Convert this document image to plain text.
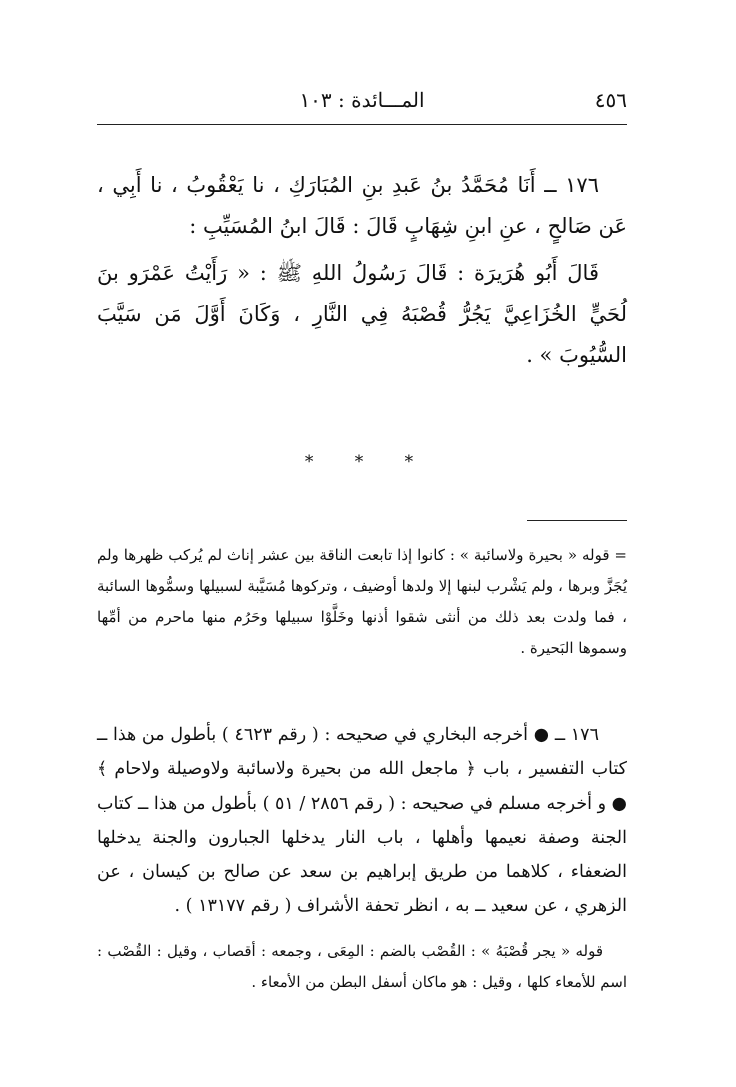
٤٥٦
المـــائدة : ١٠٣

١٧٦ ــ أَنَا مُحَمَّدُ بنُ عَبدِ بنِ المُبَارَكِ ، نا يَعْقُوبُ ، نا أَبِي ، عَن صَالحٍ ، عنِ ابنِ شِهَابٍ قَالَ : قَالَ ابنُ المُسَيِّبِ :

قَالَ أَبُو هُرَيرَة : قَالَ رَسُولُ اللهِ ﷺ : « رَأَيْتُ عَمْرَو بنَ لُحَيٍّ الخُزَاعِيَّ يَجُرُّ قُصْبَهُ فِي النَّارِ ، وَكَانَ أَوَّلَ مَن سَيَّبَ السُّيُوبَ » .

* * *
= قوله « بحيرة ولاسائبة » : كانوا إذا تابعت الناقة بين عشر إناث لم يُركب ظهرها ولم يُجَزَّ وبرها ، ولم يَشْرب لبنها إلا ولدها أوضيف ، وتركوها مُسَيَّبة لسبيلها وسمُّوها السائبة ، فما ولدت بعد ذلك من أنثى شقوا أذنها وخَلَّوْا سبيلها وحَرُم منها ماحرم من أمِّها وسموها البَحيرة .
١٧٦ ــ ● أخرجه البخاري في صحيحه : ( رقم ٤٦٢٣ ) بأطول من هذا ــ كتاب التفسير ، باب ﴿ ماجعل الله من بحيرة ولاسائبة ولاوصيلة ولاحام ﴾ ● و أخرجه مسلم في صحيحه : ( رقم ٢٨٥٦ / ٥١ ) بأطول من هذا ــ كتاب الجنة وصفة نعيمها وأهلها ، باب النار يدخلها الجبارون والجنة يدخلها الضعفاء ، كلاهما من طريق إبراهيم بن سعد عن صالح بن كيسان ، عن الزهري ، عن سعيد ــ به ، انظر تحفة الأشراف ( رقم ١٣١٧٧ ) .
قوله « يجر قُصْبَهُ » : القُصْب بالضم : المِعَى ، وجمعه : أقصاب ، وقيل : القُصْب : اسم للأمعاء كلها ، وقيل : هو ماكان أسفل البطن من الأمعاء .
